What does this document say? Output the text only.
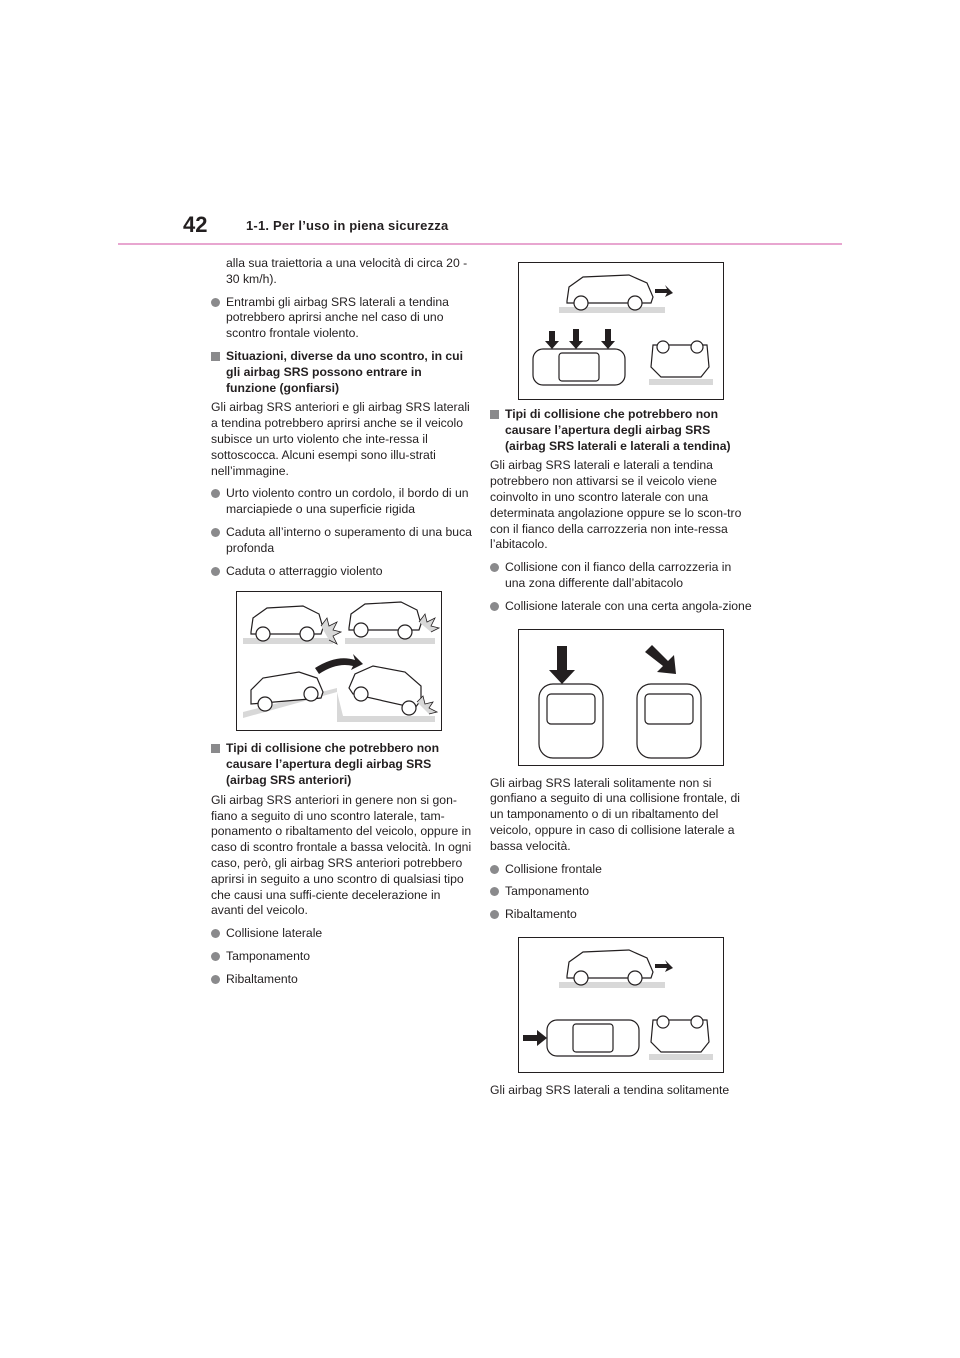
42	1-1. Per l’uso in piena sicurezza

alla sua traiettoria a una velocità di circa 20 - 30 km/h).

Entrambi gli airbag SRS laterali a tendina potrebbero aprirsi anche nel caso di uno scontro frontale violento.
Situazioni, diverse da uno scontro, in cui gli airbag SRS possono entrare in funzione (gonfiarsi)

Gli airbag SRS anteriori e gli airbag SRS laterali a tendina potrebbero aprirsi anche se il veicolo subisce un urto violento che inte-ressa il sottoscocca. Alcuni esempi sono illu-strati nell’immagine.

Urto violento contro un cordolo, il bordo di un marciapiede o una superficie rigida
Caduta all’interno o superamento di una buca profonda
Caduta o atterraggio violento
Tipi di collisione che potrebbero non causare l’apertura degli airbag SRS (airbag SRS anteriori)

Gli airbag SRS anteriori in genere non si gon-fiano a seguito di uno scontro laterale, tam-ponamento o ribaltamento del veicolo, oppure in caso di scontro frontale a bassa velocità. In ogni caso, però, gli airbag SRS anteriori potrebbero aprirsi in seguito a uno scontro di qualsiasi tipo che causi una suffi-ciente decelerazione in avanti del veicolo.

Collisione laterale
Tamponamento
Ribaltamento
Tipi di collisione che potrebbero non causare l’apertura degli airbag SRS (airbag SRS laterali e laterali a tendina)

Gli airbag SRS laterali e laterali a tendina potrebbero non attivarsi se il veicolo viene coinvolto in uno scontro laterale con una determinata angolazione oppure se lo scon-tro con il fianco della carrozzeria non inte-ressa l’abitacolo.

Collisione con il fianco della carrozzeria in una zona differente dall’abitacolo
Collisione laterale con una certa angola-zione

Gli airbag SRS laterali solitamente non si gonfiano a seguito di una collisione frontale, di un tamponamento o di un ribaltamento del veicolo, oppure in caso di collisione laterale a bassa velocità.

Collisione frontale
Tamponamento
Ribaltamento

Gli airbag SRS laterali a tendina solitamente
